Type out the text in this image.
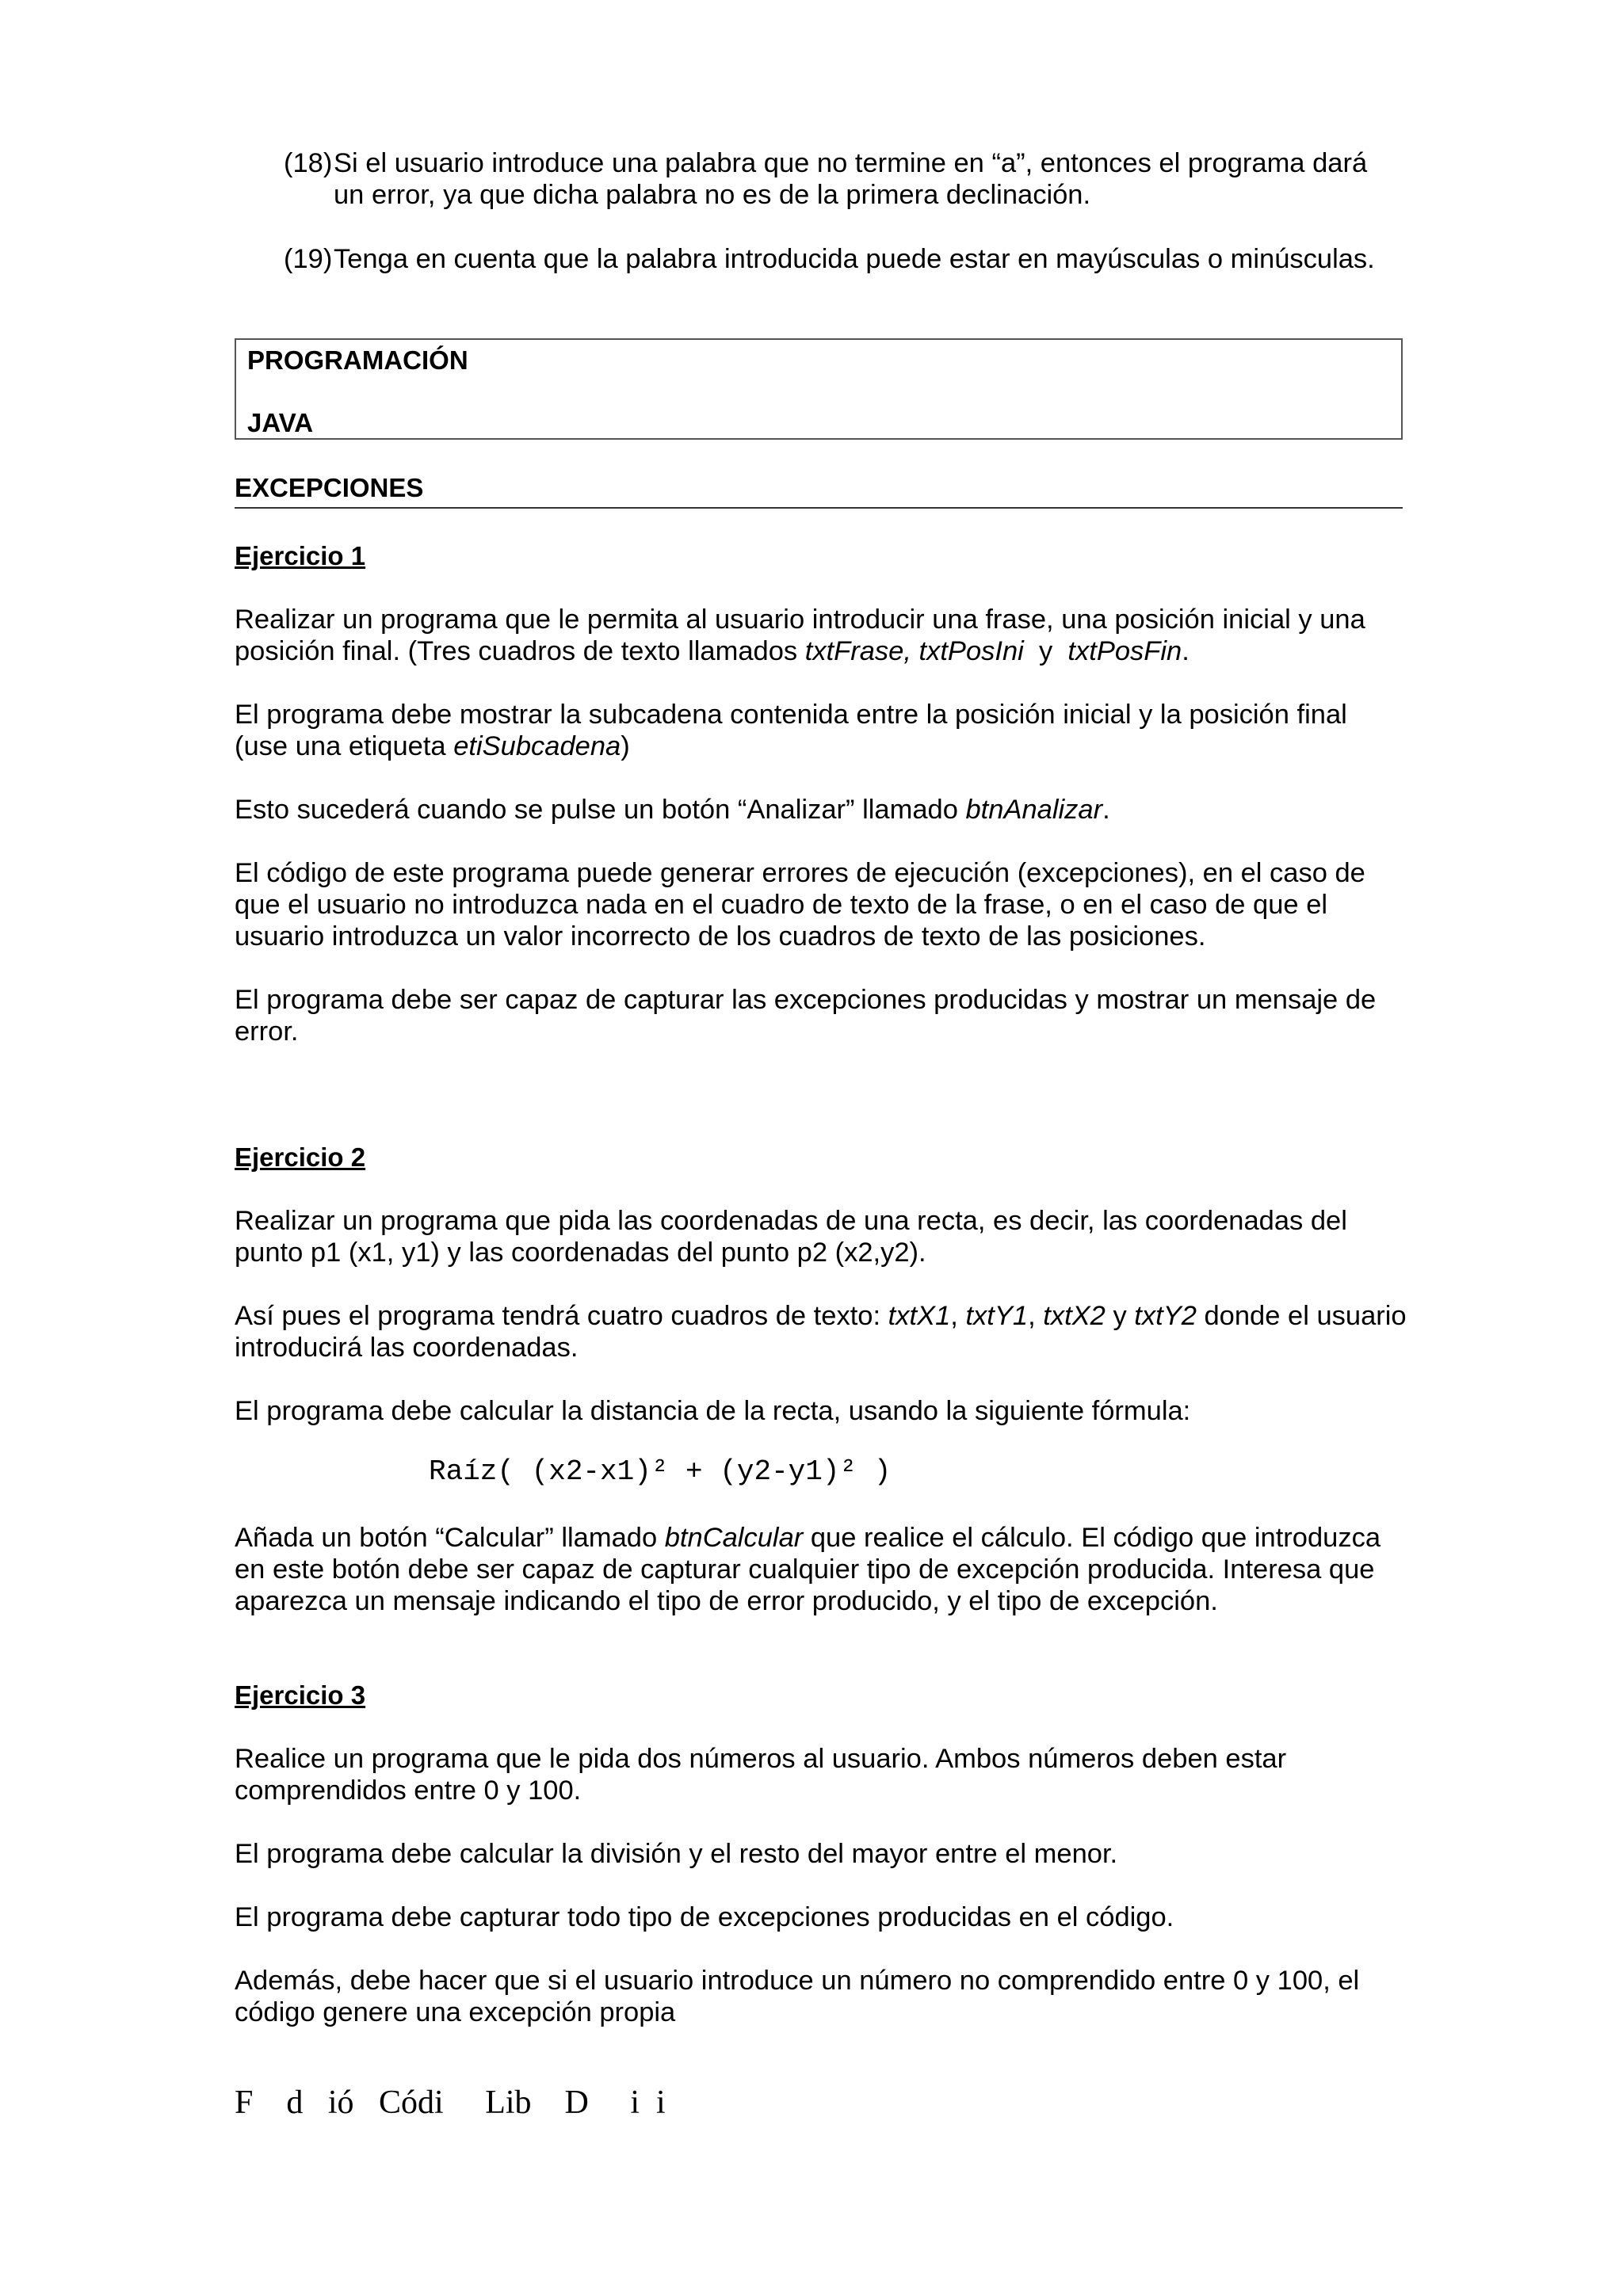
(18) Si el usuario introduce una palabra que no termine en “a”, entonces el programa dará
un error, ya que dicha palabra no es de la primera declinación.
(19) Tenga en cuenta que la palabra introducida puede estar en mayúsculas o minúsculas.
PROGRAMACIÓN
JAVA
EXCEPCIONES
Ejercicio 1
Realizar un programa que le permita al usuario introducir una frase, una posición inicial y una posición final. (Tres cuadros de texto llamados txtFrase, txtPosIni  y  txtPosFin.
El programa debe mostrar la subcadena contenida entre la posición inicial y la posición final (use una etiqueta etiSubcadena)
Esto sucederá cuando se pulse un botón “Analizar” llamado btnAnalizar.
El código de este programa puede generar errores de ejecución (excepciones), en el caso de que el usuario no introduzca nada en el cuadro de texto de la frase, o en el caso de que el usuario introduzca un valor incorrecto de los cuadros de texto de las posiciones.
El programa debe ser capaz de capturar las excepciones producidas y mostrar un mensaje de error.
Ejercicio 2
Realizar un programa que pida las coordenadas de una recta, es decir, las coordenadas del punto p1 (x1, y1) y las coordenadas del punto p2 (x2,y2).
Así pues el programa tendrá cuatro cuadros de texto: txtX1, txtY1, txtX2 y txtY2 donde el usuario introducirá las coordenadas.
El programa debe calcular la distancia de la recta, usando la siguiente fórmula:
Raíz( (x2-x1)² + (y2-y1)² )
Añada un botón “Calcular” llamado btnCalcular que realice el cálculo. El código que introduzca en este botón debe ser capaz de capturar cualquier tipo de excepción producida. Interesa que aparezca un mensaje indicando el tipo de error producido, y el tipo de excepción.
Ejercicio 3
Realice un programa que le pida dos números al usuario. Ambos números deben estar comprendidos entre 0 y 100.
El programa debe calcular la división y el resto del mayor entre el menor.
El programa debe capturar todo tipo de excepciones producidas en el código.
Además, debe hacer que si el usuario introduce un número no comprendido entre 0 y 100, el código genere una excepción propia
F    d   ió   Códi     Lib    D     i  i
